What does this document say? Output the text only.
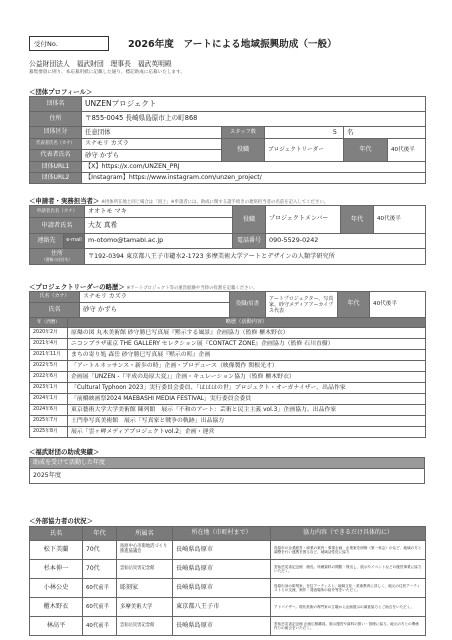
受付No.	2026年度　アートによる地域振興助成（一般）
公益財団法人　福武財団　理事長　福武英明殿
募集要項に則り、本応募用紙に記載した通り、標記助成に応募いたします。
＜団体プロフィール＞
団体名	UNZENプロジェクト				
住所	〒855-0045 長崎県島原市上の町868				
団体区分	任意団体	スタッフ数	5	名	
代表者氏名（カナ）	スナモリ カズラ	役職	プロジェクトリーダー	年代	40代後半
代表者氏名	砂守 かずら				
団体URL1	【X】https://x.com/UNZEN_PRJ				
団体URL2	【Instagram】https://www.instagram.com/unzen_project/				
＜申請者・実務担当者＞ ※団体所在地と同じ場合は「同上」※申請者には、助成に関する諸手続きの連絡担当者の名前を記入してください。
申請者氏名（カナ）		オオトモ マキ	役職	プロジェクトメンバー	年代	40代後半
申請者氏名		大友 真希				
連絡先	e-mail	m-otomo@tamabi.ac.jp	電話番号	090-5529-0242		

住所
（書類の送付先）		〒192-0394 東京都八王子市鑓水2-1723 多摩美術大学アートとデザインの人類学研究所				
＜プロジェクトリーダーの略歴＞ ※アートプロジェクト等の運営経験や当時の役割を記載ください。
氏名（カナ）		スナモリ カズラ	役職/肩書	アートプロジェクター、写真家、砂守メディアアーカイブス代表	年代	40代後半
氏名		砂守 かずら				
年（西暦）	略歴（活動内容）					
2020年2月	原爆の図 丸木美術館 砂守勝巳写真展『黙示する風景』企画協力（監修 櫃木野衣）					
2021年4月	ニコンプラザ東京 THE GALLERY セレクション展『CONTACT ZONE』企画協力（監修 石川直樹）					
2021年11月	まちの寄り処 森岳 砂守勝巳写真展『黙示の町』企画					
2022年5月	「アートルネッサンス・新歩の時」企画・プロデュース（映像製作 関根光才）					
2022年6月	企画展「UNZEN -『平成の島原大変』」企画・キュレーション協力（監修 櫃木野衣）					
2023年1月	「Cultural Typhoon 2023」実行委員会委員、「はははの世」プロジェクト・オーガナイザー、出品作家					
2024年1月	「前橋映画祭2024 MAEBASHI MEDIA FESTIVAL」実行委員会委員					
2024年6月	東京藝術大学大学美術館 陳列館　展示「不和のアート：芸術と民主主義 vol.3」企画協力、出品作家					
2025年7月	土門拳写真美術館　展示「写真家と戦争の軌跡」出品協力					
2025年8月	展示「雲ヶ岬メディアプロジェクトvol.2」企画・運営					
＜福武財団の助成実績＞
助成を受けて活動した年度
2025年度
＜外部協力者の状況＞
氏名	年代	所属名	所在地（市町村まで）	協力内容（できるだけ具体的に）
松下美蘭	70代	島原中心市街地活づくり推進協議会	長崎県島原市	島原市の企業経営・商業の案内・事業企画、企業案を研修（第一家会）のなど、地域の方と調整を行い連携を図るなど、地域活性化に協力
杉本伸一	70代	雲仙岳災害記念館	長崎県島原市	雲仙岳災害記念館　館長。所蔵資料の閲覧・貸出し、展示やイベントなどの運営事業に協力いただく。
小林公史	60代前半	彫刻家	長崎県島原市	島原出身の彫刻家。在住アーティスト。地域文化・美術教育に詳しく、地元の住民アーティストとの交流、制作・発表場所の紹介等をいただく。
櫃木野衣	60代前半	多摩美術大学	東京都八王子市	アドバイザー。現代美術の専門家の立場から企画展示の調査協力とご助言をいただく。
林高平	40代前半	雲仙岳災害記念館	長崎県島原市	雲仙岳災害記念館 企画広報職員。展示運営や資料の扱い・管理に協力。地元の方との関係作りの助言をいただく。
